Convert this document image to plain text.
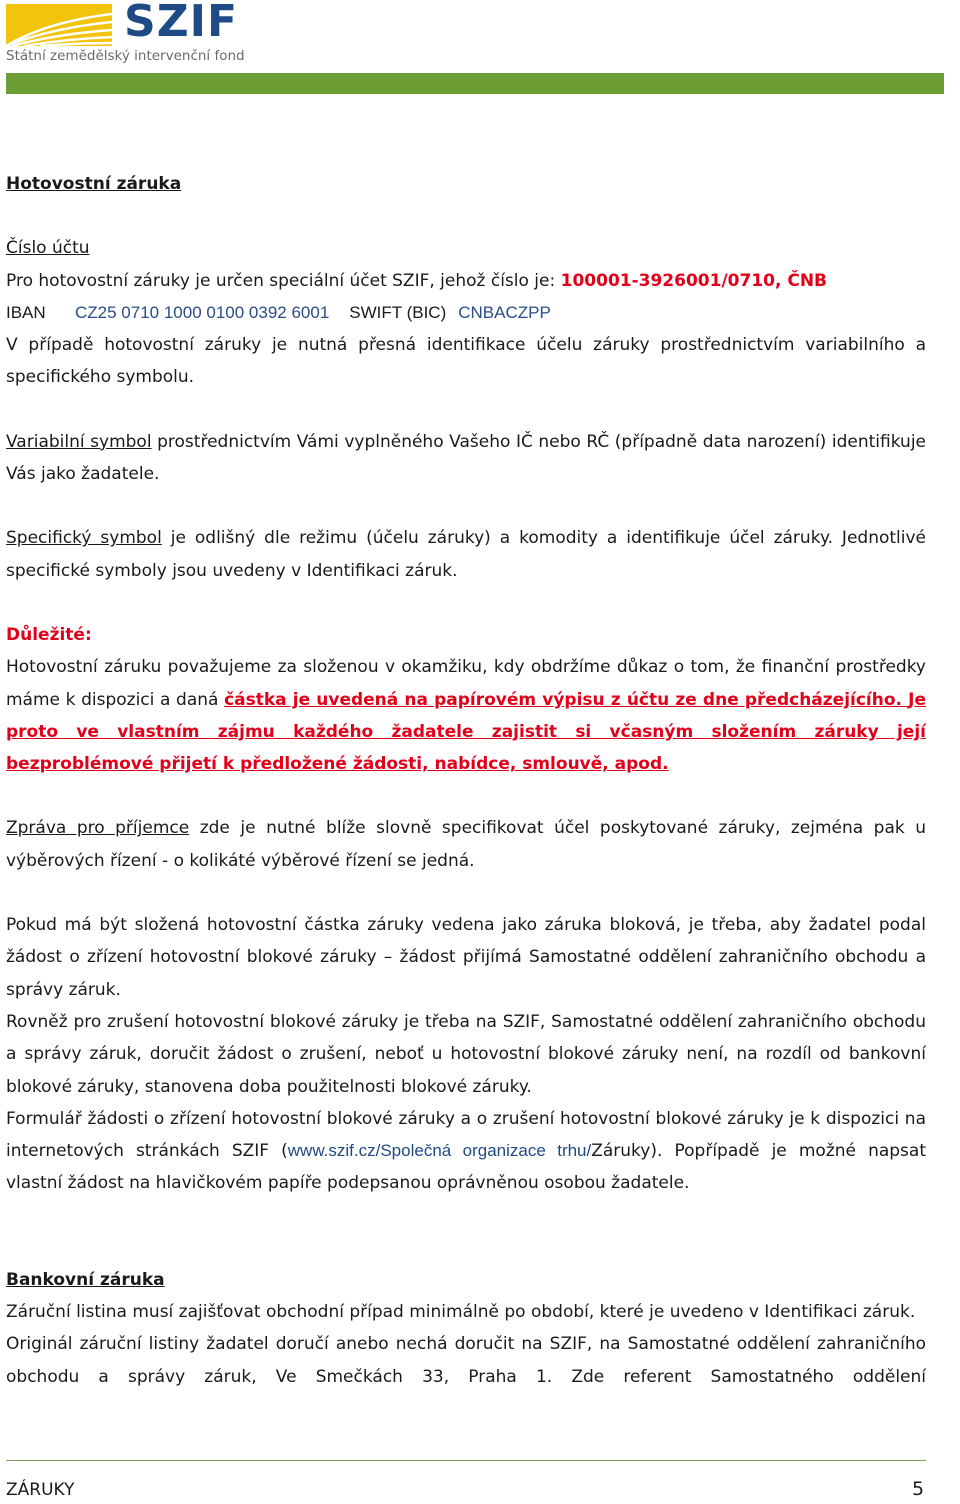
SZIF
Státní zemědělský intervenční fond

Hotovostní záruka

Číslo účtu

Pro hotovostní záruky je určen speciální účet SZIF, jehož číslo je: 100001-3926001/0710, ČNB

IBAN CZ25 0710 1000 0100 0392 6001 SWIFT (BIC) CNBACZPP

V případě hotovostní záruky je nutná přesná identifikace účelu záruky prostřednictvím variabilního a specifického symbolu.

Variabilní symbol prostřednictvím Vámi vyplněného Vašeho IČ nebo RČ (případně data narození) identifikuje Vás jako žadatele.

Specifický symbol je odlišný dle režimu (účelu záruky) a komodity a identifikuje účel záruky. Jednotlivé specifické symboly jsou uvedeny v Identifikaci záruk.

Důležité:

Hotovostní záruku považujeme za složenou v okamžiku, kdy obdržíme důkaz o tom, že finanční prostředky máme k dispozici a daná částka je uvedená na papírovém výpisu z účtu ze dne předcházejícího. Je proto ve vlastním zájmu každého žadatele zajistit si včasným složením záruky její bezproblémové přijetí k předložené žádosti, nabídce, smlouvě, apod.

Zpráva pro příjemce zde je nutné blíže slovně specifikovat účel poskytované záruky, zejména pak u výběrových řízení - o kolikáté výběrové řízení se jedná.

Pokud má být složená hotovostní částka záruky vedena jako záruka bloková, je třeba, aby žadatel podal žádost o zřízení hotovostní blokové záruky – žádost přijímá Samostatné oddělení zahraničního obchodu a správy záruk.

Rovněž pro zrušení hotovostní blokové záruky je třeba na SZIF, Samostatné oddělení zahraničního obchodu a správy záruk, doručit žádost o zrušení, neboť u hotovostní blokové záruky není, na rozdíl od bankovní blokové záruky, stanovena doba použitelnosti blokové záruky.

Formulář žádosti o zřízení hotovostní blokové záruky a o zrušení hotovostní blokové záruky je k dispozici na internetových stránkách SZIF (www.szif.cz/Společná organizace trhu/Záruky). Popřípadě je možné napsat vlastní žádost na hlavičkovém papíře podepsanou oprávněnou osobou žadatele.

Bankovní záruka

Záruční listina musí zajišťovat obchodní případ minimálně po období, které je uvedeno v Identifikaci záruk.

Originál záruční listiny žadatel doručí anebo nechá doručit na SZIF, na Samostatné oddělení zahraničního obchodu a správy záruk, Ve Smečkách 33, Praha 1. Zde referent Samostatného oddělení

ZÁRUKY	5
